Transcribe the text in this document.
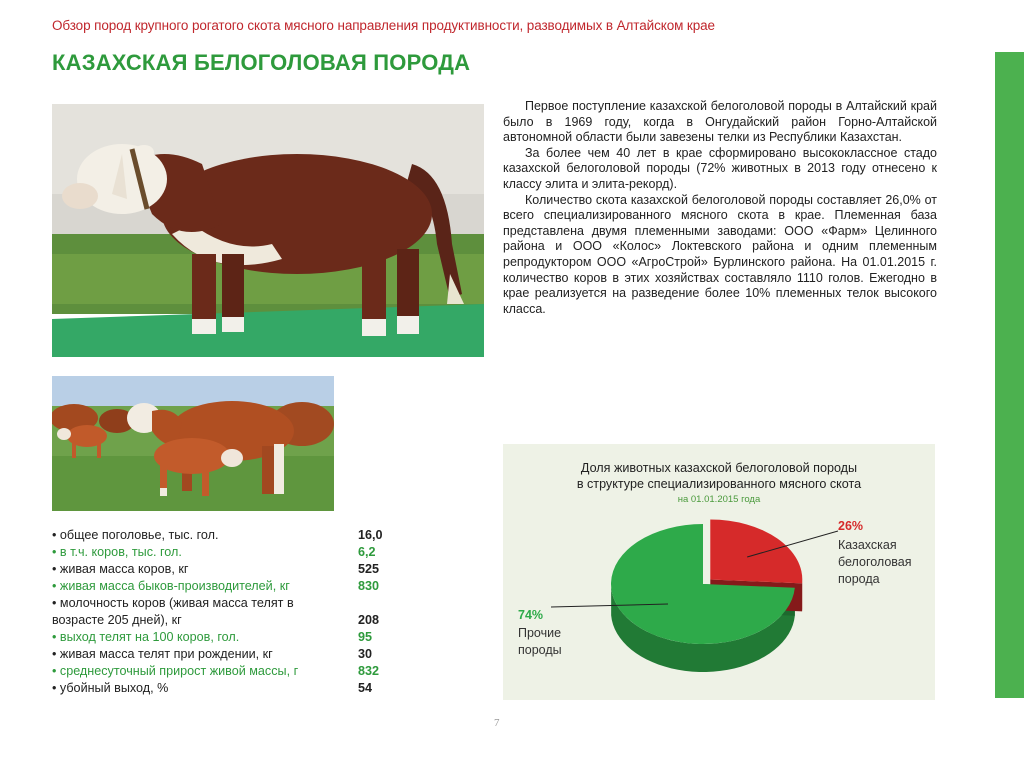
Обзор пород крупного рогатого скота мясного направления продуктивности, разводимых в Алтайском крае
КАЗАХСКАЯ БЕЛОГОЛОВАЯ ПОРОДА

Первое поступление казахской белоголовой породы в Алтайский край было в 1969 году, когда в Онгудайский район Горно-Алтайской автономной области были завезены телки из Республики Казахстан.

За более чем 40 лет в крае сформировано высококлассное стадо казахской белоголовой породы (72% животных в 2013 году отнесено к классу элита и элита-рекорд).

Количество скота казахской белоголовой породы составляет 26,0% от всего специализированного мясного скота в крае. Племенная база представлена двумя племенными заводами: ООО «Фарм» Целинного района и ООО «Колос» Локтевского района и одним племенным репродуктором ООО «АгроСтрой» Бурлинского района. На 01.01.2015 г. количество коров в этих хозяйствах составляло 1110 голов. Ежегодно в крае реализуется на разведение более 10% племенных телок высокого класса.

• общее поголовье, тыс. гол.	16,0
• в т.ч. коров, тыс. гол.	6,2
• живая масса коров, кг	525
• живая масса быков-производителей, кг	830
• молочность коров (живая масса телят в возрасте 205 дней), кг	208
• выход телят на 100 коров, гол.	95
• живая масса телят при рождении, кг	30
• среднесуточный прирост живой массы, г	832
• убойный выход, %	54
Доля животных казахской белоголовой породы
в структуре специализированного мясного скота
на 01.01.2015 года
26%
Казахская
белоголовая
порода
74%
Прочие
породы
7
